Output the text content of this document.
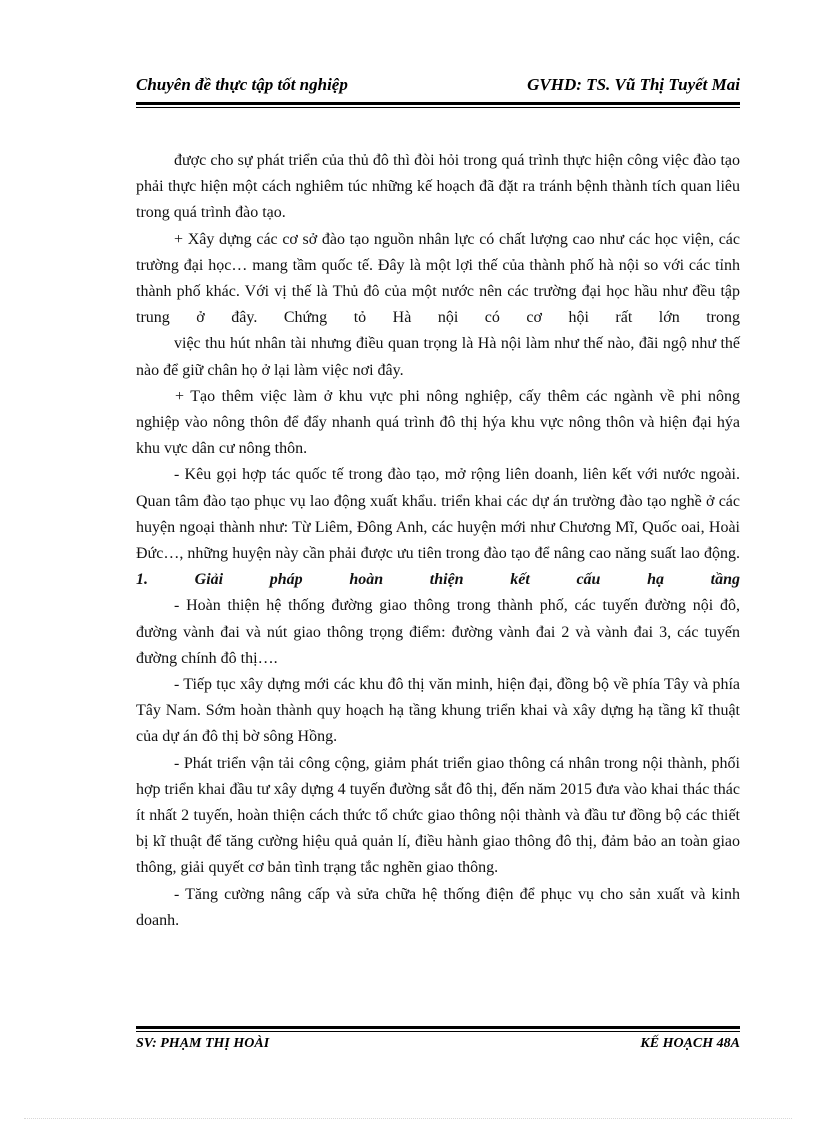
Chuyên đề thực tập tốt nghiệp	GVHD: TS. Vũ Thị Tuyết Mai

được cho sự phát triển của thủ đô thì đòi hỏi trong quá trình thực hiện công việc đào tạo phải thực hiện một cách nghiêm túc những kế hoạch đã đặt ra tránh bệnh thành tích quan liêu trong quá trình đào tạo.

+ Xây dựng các cơ sở đào tạo nguồn nhân lực có chất lượng cao như các học viện, các trường đại học… mang tầm quốc tế. Đây là một lợi thế của thành phố hà nội so với các tỉnh thành phố khác. Với vị thế là Thủ đô của một nước nên các trường đại học hầu như đều tập trung ở đây. Chứng tỏ Hà nội có cơ hội rất lớn trong

việc thu hút nhân tài nhưng điều quan trọng là Hà nội làm như thế nào, đãi ngộ như thế nào để giữ chân họ ở lại làm việc nơi đây.

+ Tạo thêm việc làm ở khu vực phi nông nghiệp, cấy thêm các ngành về phi nông nghiệp vào nông thôn để đẩy nhanh quá trình đô thị hýa khu vực nông thôn và hiện đại hýa khu vực dân cư nông thôn.

- Kêu gọi hợp tác quốc tế trong đào tạo, mở rộng liên doanh, liên kết với nước ngoài. Quan tâm đào tạo phục vụ lao động xuất khẩu. triển khai các dự án trường đào tạo nghề ở các huyện ngoại thành như: Từ Liêm, Đông Anh, các huyện mới như Chương Mĩ, Quốc oai, Hoài Đức…, những huyện này cần phải được ưu tiên trong đào tạo để nâng cao năng suất lao động.

1. Giải pháp hoàn thiện kết cấu hạ tầng

- Hoàn thiện hệ thống đường giao thông trong thành phố, các tuyến đường nội đô, đường vành đai và nút giao thông trọng điểm: đường vành đai 2 và vành đai 3, các tuyến đường chính đô thị….

- Tiếp tục xây dựng mới các khu đô thị văn minh, hiện đại, đồng bộ về phía Tây và phía Tây Nam. Sớm hoàn thành quy hoạch hạ tầng khung triển khai và xây dựng hạ tầng kĩ thuật của dự án đô thị bờ sông Hồng.

- Phát triển vận tải công cộng, giảm phát triển giao thông cá nhân trong nội thành, phối hợp triển khai đầu tư xây dựng 4 tuyến đường sắt đô thị, đến năm 2015 đưa vào khai thác thác ít nhất 2 tuyến, hoàn thiện cách thức tổ chức giao thông nội thành và đầu tư đồng bộ các thiết bị kĩ thuật để tăng cường hiệu quả quản lí, điều hành giao thông đô thị, đảm bảo an toàn giao thông, giải quyết cơ bản tình trạng tắc nghẽn giao thông.

- Tăng cường nâng cấp và sửa chữa hệ thống điện để phục vụ cho sản xuất và kinh doanh.

SV: PHẠM THỊ HOÀI	KẾ HOẠCH 48A
